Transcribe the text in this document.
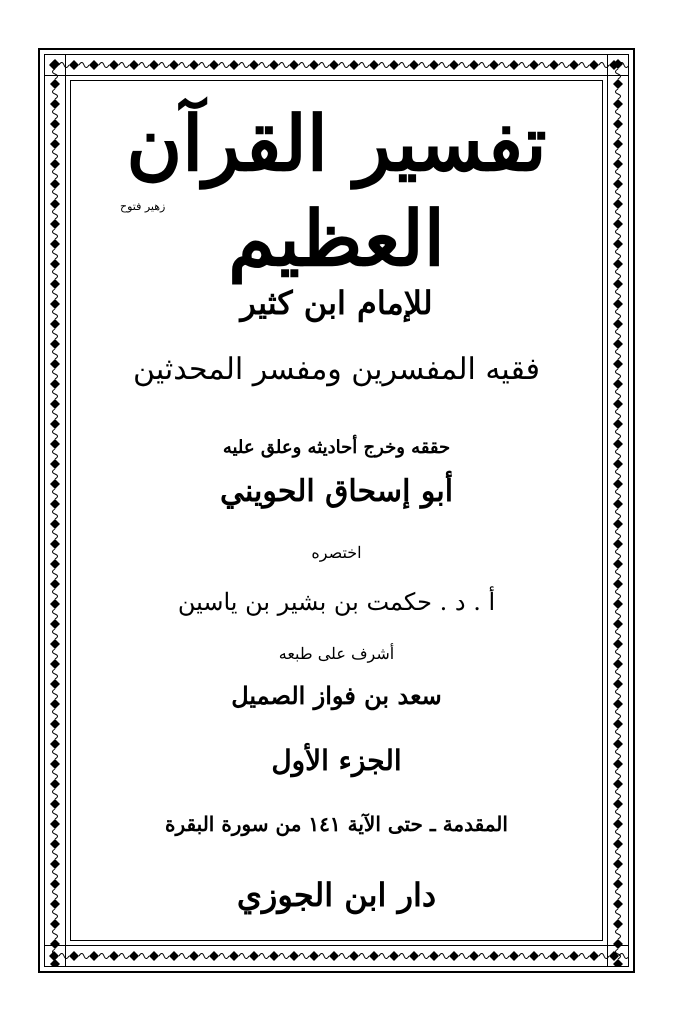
تفسير القرآن العظيم
زهير فتوح
للإمام ابن كثير
فقيه المفسرين ومفسر المحدثين
حققه وخرج أحاديثه وعلق عليه
أبو إسحاق الحويني
اختصره
أ . د . حكمت بن بشير بن ياسين
أشرف على طبعه
سعد بن فواز الصميل
الجزء الأول
المقدمة ـ حتى الآية ١٤١ من سورة البقرة
دار ابن الجوزي
